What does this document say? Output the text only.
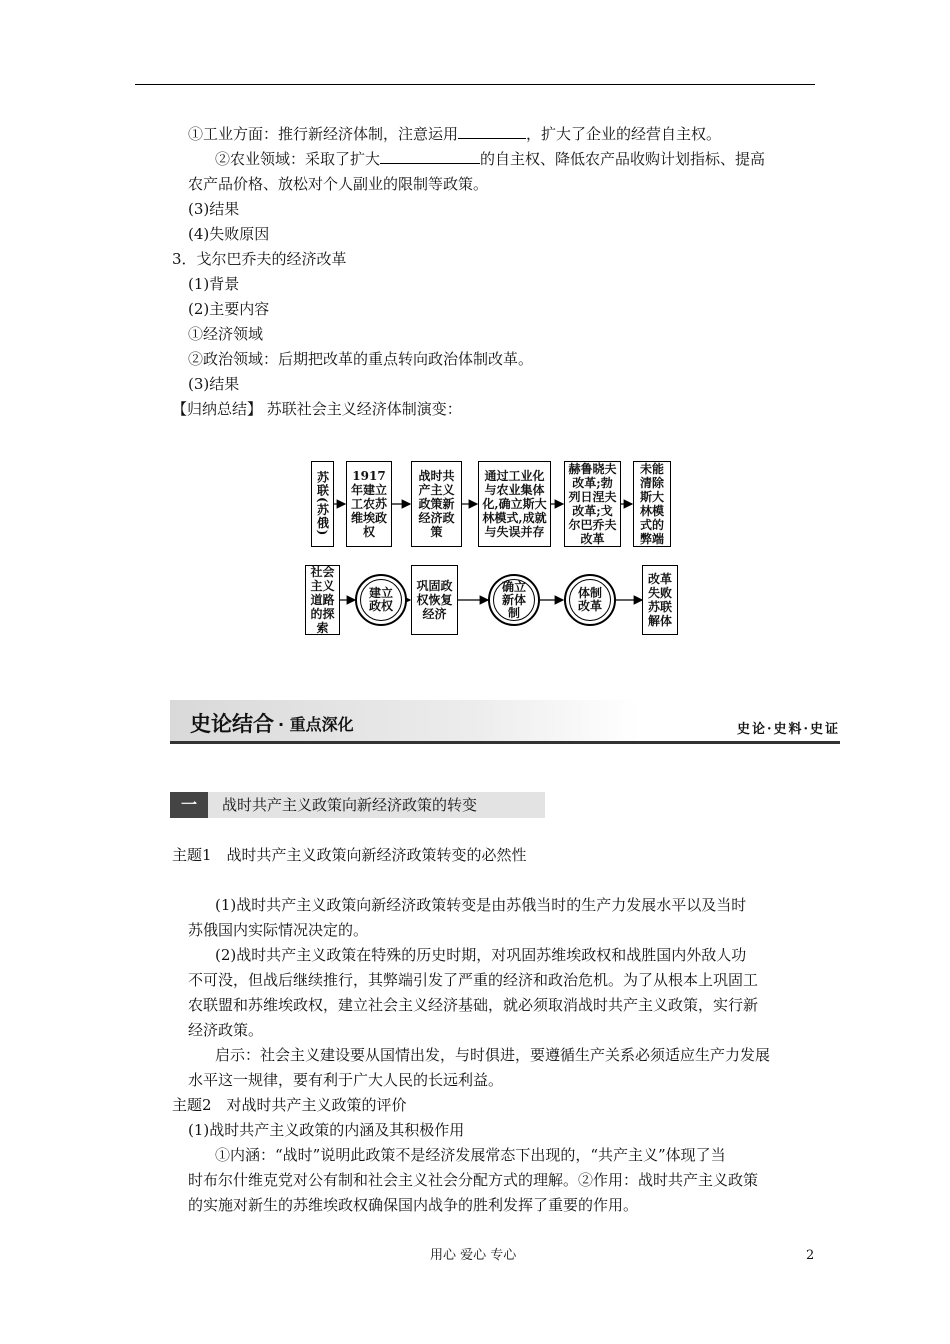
①工业方面：推行新经济体制，注意运用	，扩大了企业的经营自主权。
②农业领域：采取了扩大	的自主权、降低农产品收购计划指标、提高
农产品价格、放松对个人副业的限制等政策。
(3)结果
(4)失败原因
3．戈尔巴乔夫的经济改革
(1)背景
(2)主要内容
①经济领域
②政治领域：后期把改革的重点转向政治体制改革。
(3)结果
【归纳总结】 苏联社会主义经济体制演变：
苏联(苏俄)	1917年建立工农苏维埃政权
战时共产主义政策新经济政策
通过工业化与农业集体化,确立斯大林模式,成就与失误并存
赫鲁晓夫改革;勃列日涅夫改革;戈尔巴乔夫改革
未能清除斯大林模式的弊端
社会主义道路的探索
建立政权
巩固政权恢复经济
确立新体制
体制改革
改革失败苏联解体
史论结合 · 重点深化	史论·史料·史证
一	战时共产主义政策向新经济政策的转变
主题1　战时共产主义政策向新经济政策转变的必然性
(1)战时共产主义政策向新经济政策转变是由苏俄当时的生产力发展水平以及当时
苏俄国内实际情况决定的。
(2)战时共产主义政策在特殊的历史时期，对巩固苏维埃政权和战胜国内外敌人功
不可没，但战后继续推行，其弊端引发了严重的经济和政治危机。为了从根本上巩固工
农联盟和苏维埃政权，建立社会主义经济基础，就必须取消战时共产主义政策，实行新
经济政策。
启示：社会主义建设要从国情出发，与时俱进，要遵循生产关系必须适应生产力发展
水平这一规律，要有利于广大人民的长远利益。
主题2　对战时共产主义政策的评价
(1)战时共产主义政策的内涵及其积极作用
①内涵：“战时”说明此政策不是经济发展常态下出现的，“共产主义”体现了当
时布尔什维克党对公有制和社会主义社会分配方式的理解。②作用：战时共产主义政策
的实施对新生的苏维埃政权确保国内战争的胜利发挥了重要的作用。
用心 爱心 专心	2
